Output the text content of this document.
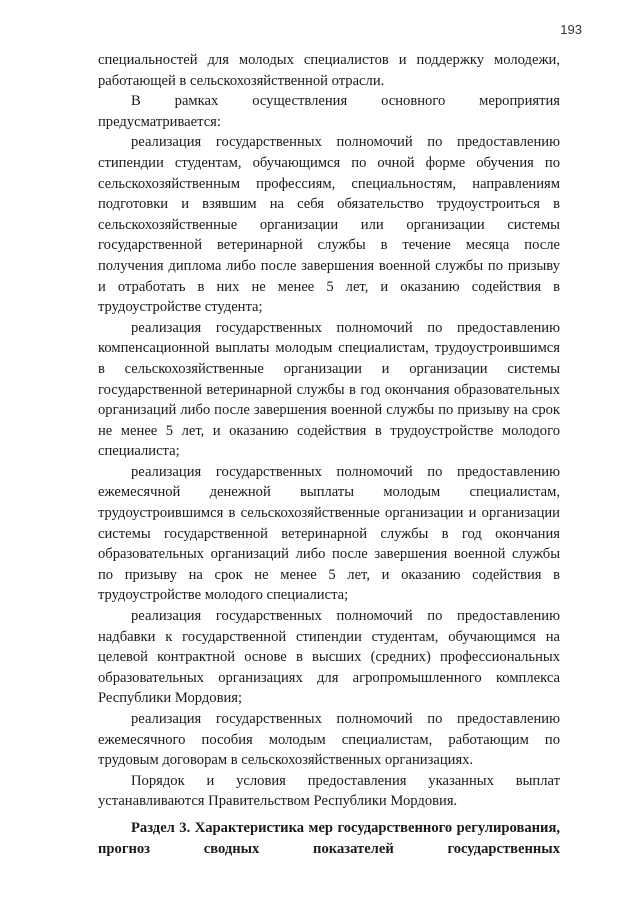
193

специальностей для молодых специалистов и поддержку молодежи, работающей в сельскохозяйственной отрасли.

В рамках осуществления основного мероприятия предусматривается:

реализация государственных полномочий по предоставлению стипендии студентам, обучающимся по очной форме обучения по сельскохозяйственным профессиям, специальностям, направлениям подготовки и взявшим на себя обязательство трудоустроиться в сельскохозяйственные организации или организации системы государственной ветеринарной службы в течение месяца после получения диплома либо после завершения военной службы по призыву и отработать в них не менее 5 лет, и оказанию содействия в трудоустройстве студента;

реализация государственных полномочий по предоставлению компенсационной выплаты молодым специалистам, трудоустроившимся в сельскохозяйственные организации и организации системы государственной ветеринарной службы в год окончания образовательных организаций либо после завершения военной службы по призыву на срок не менее 5 лет, и оказанию содействия в трудоустройстве молодого специалиста;

реализация государственных полномочий по предоставлению ежемесячной денежной выплаты молодым специалистам, трудоустроившимся в сельскохозяйственные организации и организации системы государственной ветеринарной службы в год окончания образовательных организаций либо после завершения военной службы по призыву на срок не менее 5 лет, и оказанию содействия в трудоустройстве молодого специалиста;

реализация государственных полномочий по предоставлению надбавки к государственной стипендии студентам, обучающимся на целевой контрактной основе в высших (средних) профессиональных образовательных организациях для агропромышленного комплекса Республики Мордовия;

реализация государственных полномочий по предоставлению ежемесячного пособия молодым специалистам, работающим по трудовым договорам в сельскохозяйственных организациях.

Порядок и условия предоставления указанных выплат устанавливаются Правительством Республики Мордовия.

Раздел 3. Характеристика мер государственного регулирования, прогноз сводных показателей государственных
